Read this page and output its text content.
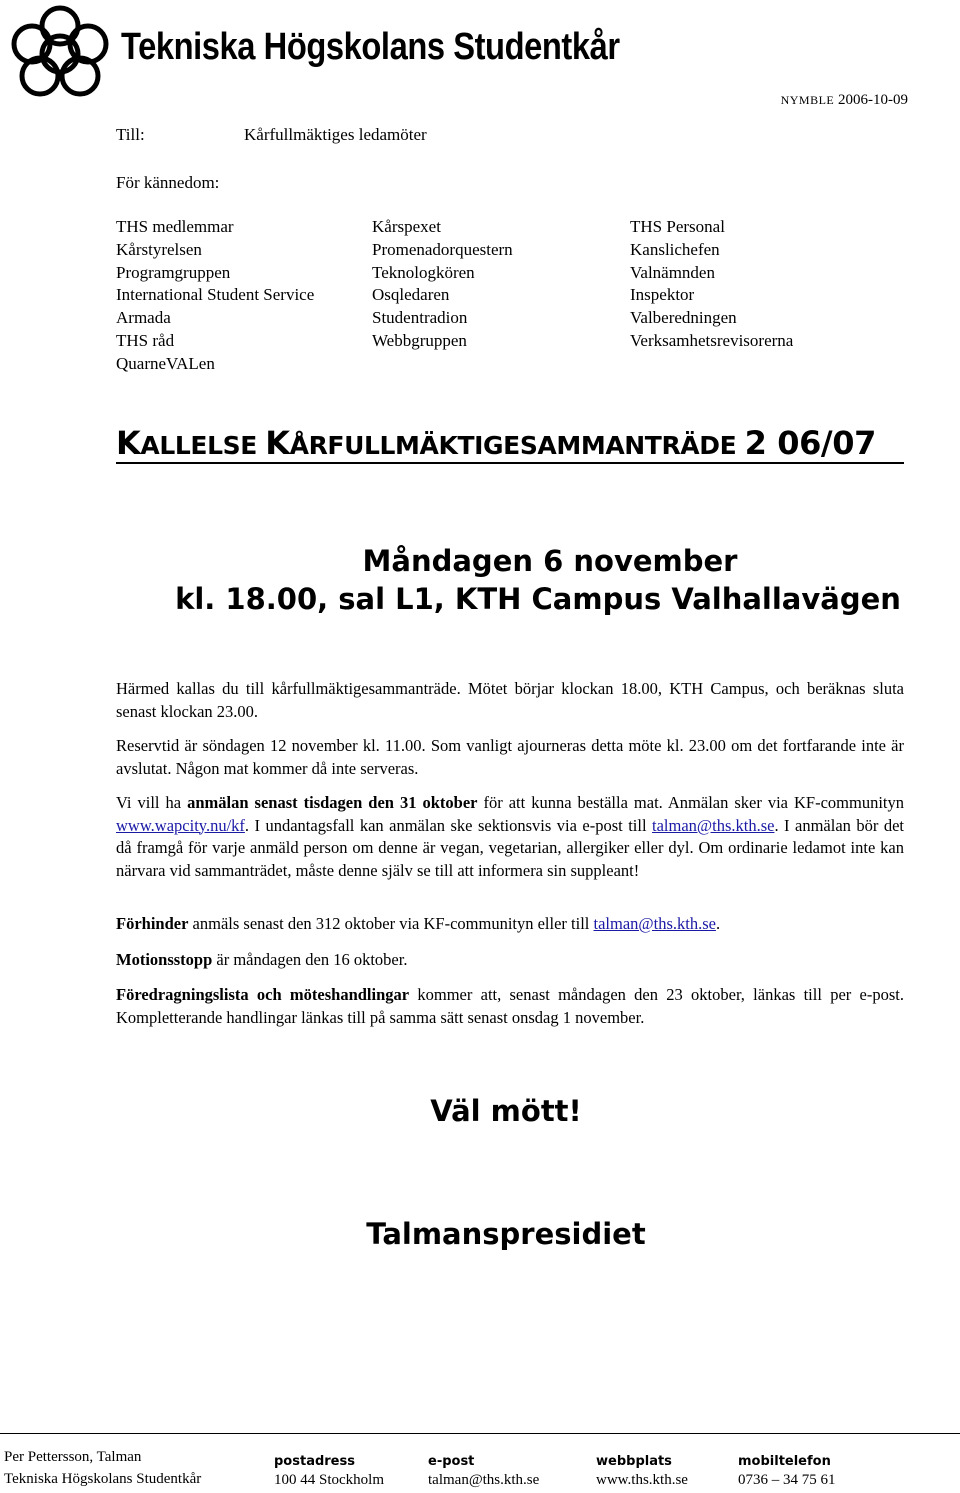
Tekniska Högskolans Studentkår
NYMBLE 2006-10-09
Till:	Kårfullmäktiges ledamöter
För kännedom:
THS medlemmar
Kårstyrelsen
Programgruppen
International Student Service
Armada
THS råd
QuarneVALen
Kårspexet
Promenadorquestern
Teknologkören
Osqledaren
Studentradion
Webbgruppen
THS Personal
Kanslichefen
Valnämnden
Inspektor
Valberedningen
Verksamhetsrevisorerna
KALLELSE KÅRFULLMÄKTIGESAMMANTRÄDE 2 06/07
Måndagen 6 november
kl. 18.00, sal L1, KTH Campus Valhallavägen

Härmed kallas du till kårfullmäktigesammanträde. Mötet börjar klockan 18.00, KTH Campus, och beräknas sluta senast klockan 23.00.

Reservtid är söndagen 12 november kl. 11.00. Som vanligt ajourneras detta möte kl. 23.00 om det fortfarande inte är avslutat. Någon mat kommer då inte serveras.

Vi vill ha anmälan senast tisdagen den 31 oktober för att kunna beställa mat. Anmälan sker via KF-communityn www.wapcity.nu/kf. I undantagsfall kan anmälan ske sektionsvis via e-post till talman@ths.kth.se. I anmälan bör det då framgå för varje anmäld person om denne är vegan, vegetarian, allergiker eller dyl. Om ordinarie ledamot inte kan närvara vid sammanträdet, måste denne själv se till att informera sin suppleant!

Förhinder anmäls senast den 312 oktober via KF-communityn eller till talman@ths.kth.se.

Motionsstopp är måndagen den 16 oktober.

Föredragningslista och möteshandlingar kommer att, senast måndagen den 23 oktober, länkas till per e-post. Kompletterande handlingar länkas till på samma sätt senast onsdag 1 november.

Väl mött!
Talmanspresidiet
Per Pettersson, Talman
Tekniska Högskolans Studentkår
postadress
100 44 Stockholm
e-post
talman@ths.kth.se
webbplats
www.ths.kth.se
mobiltelefon
0736 – 34 75 61
